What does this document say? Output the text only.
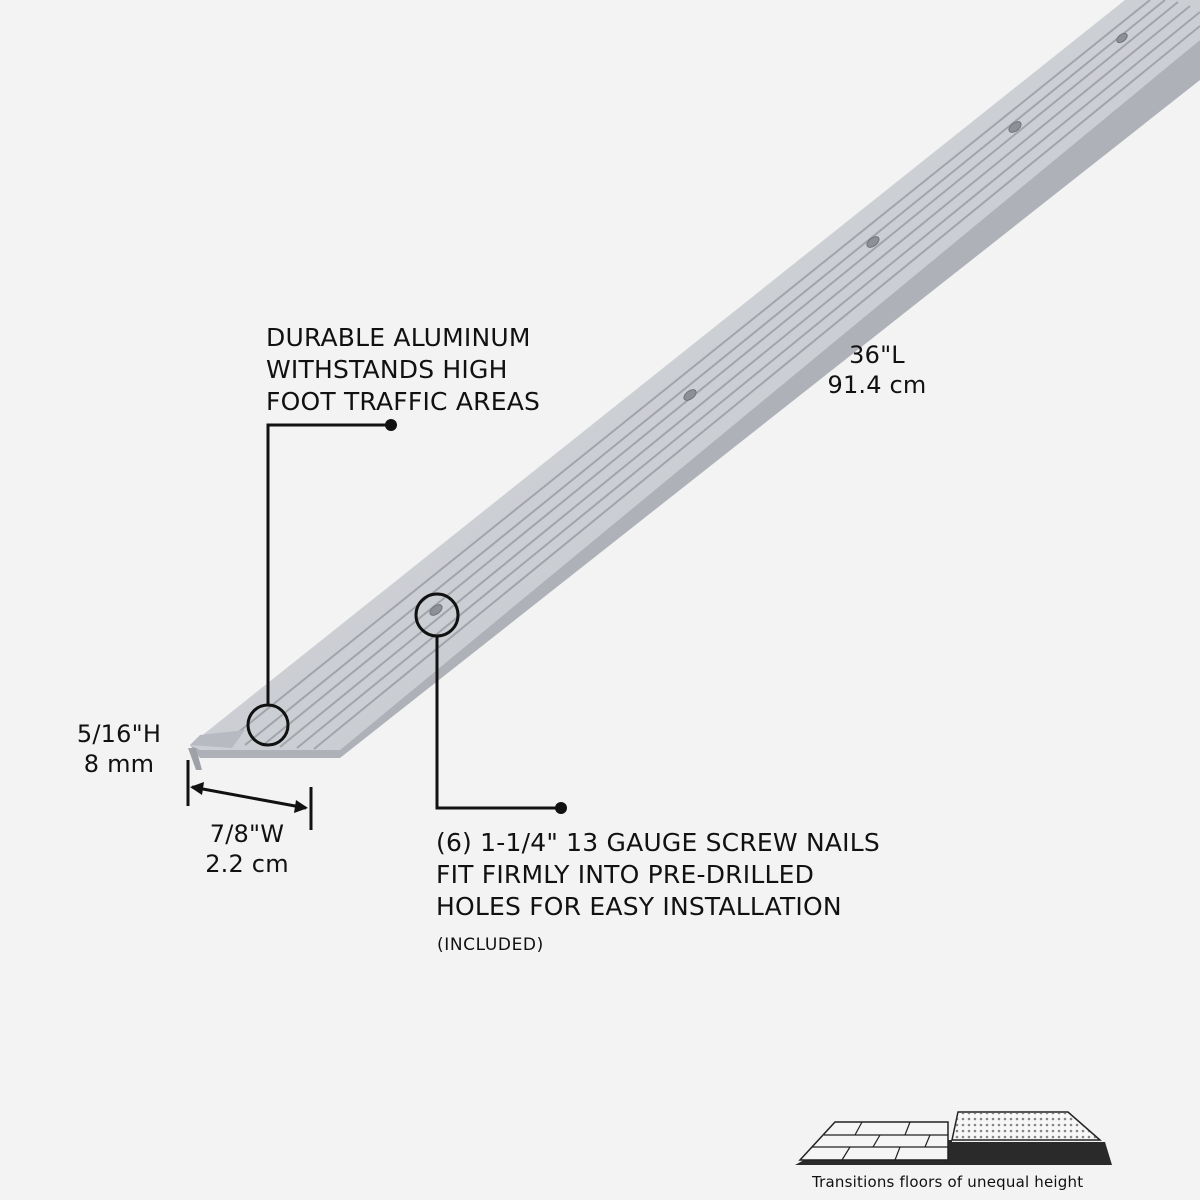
DURABLE ALUMINUM
WITHSTANDS HIGH
FOOT TRAFFIC AREAS

36"L
91.4 cm

5/16"H
8 mm

7/8"W
2.2 cm

(6) 1-1/4" 13 GAUGE SCREW NAILS
FIT FIRMLY INTO PRE-DRILLED
HOLES FOR EASY INSTALLATION

(INCLUDED)

Transitions floors of unequal height
